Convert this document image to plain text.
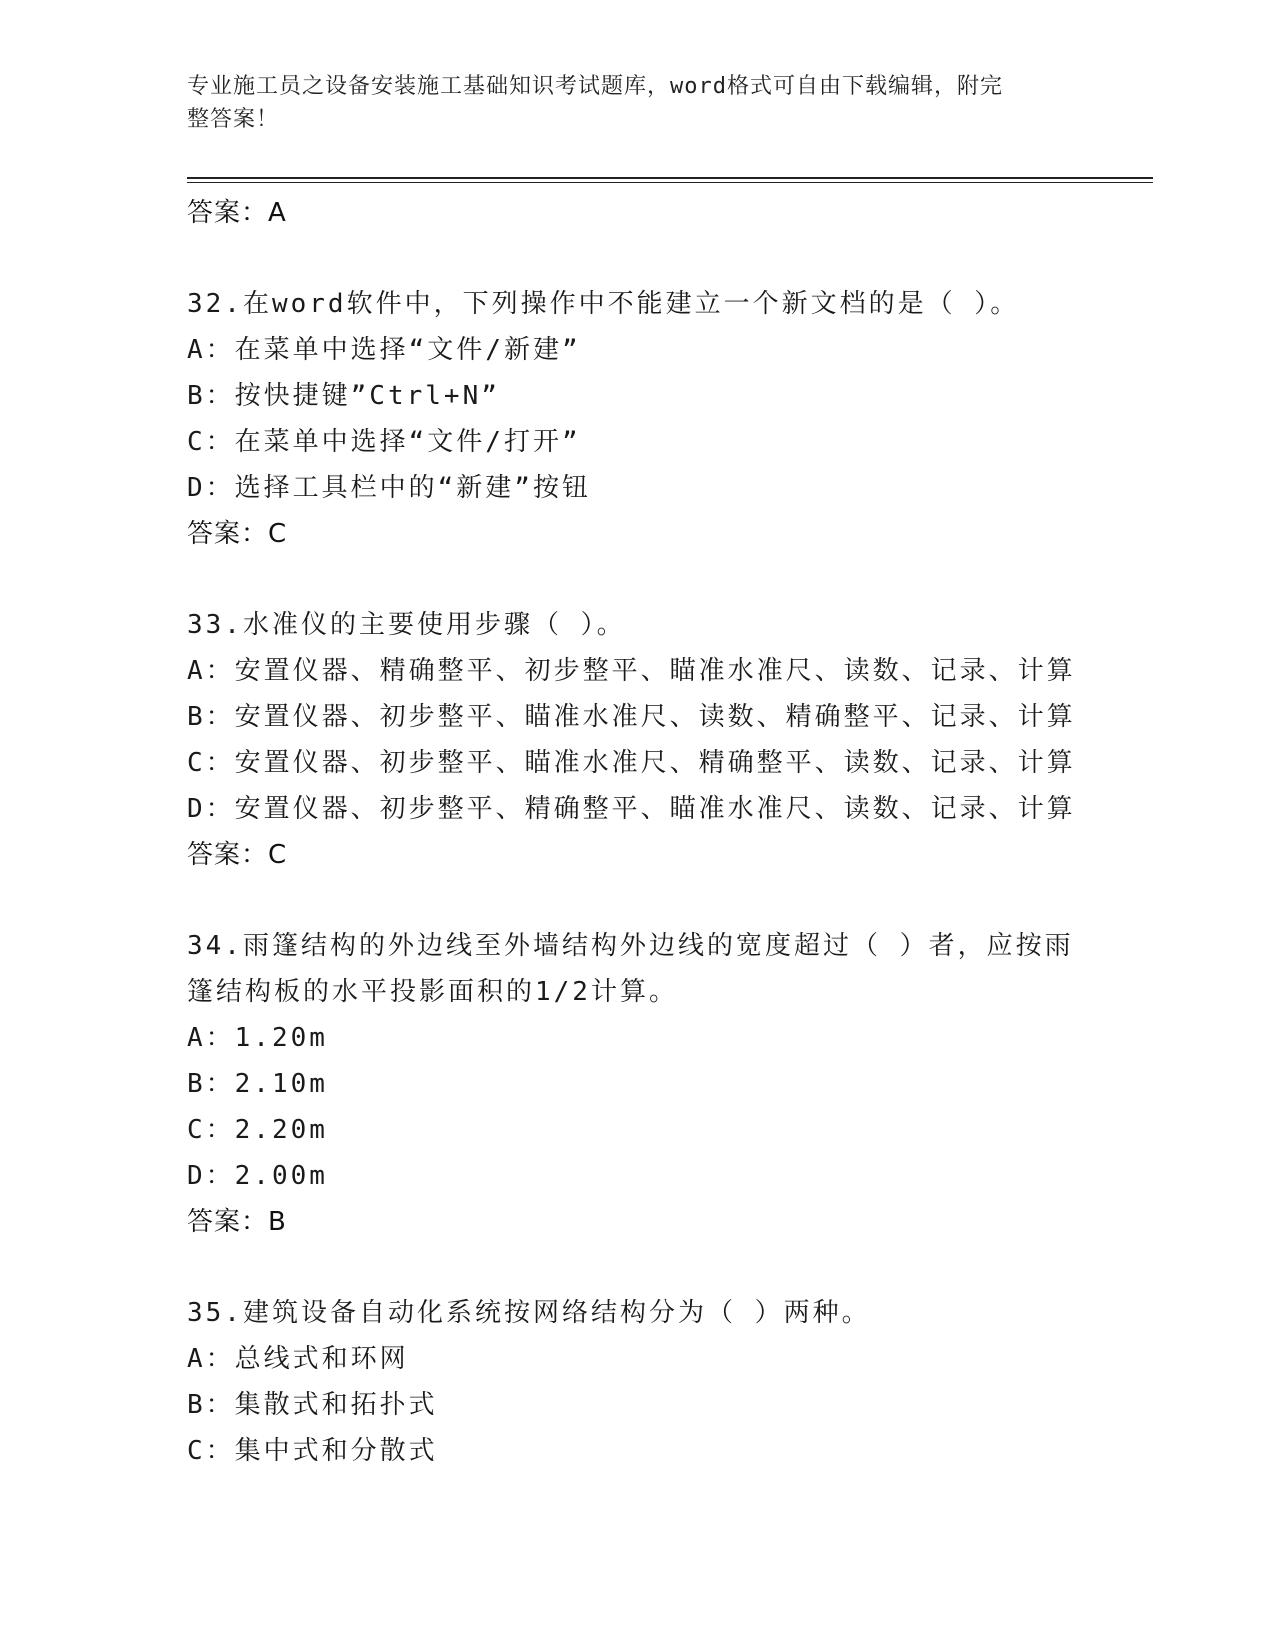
专业施工员之设备安装施工基础知识考试题库，word格式可自由下载编辑，附完
整答案！
答案：A
32.在word软件中，下列操作中不能建立一个新文档的是（ ）。
A：在菜单中选择“文件/新建”
B：按快捷键”Ctrl+N”
C：在菜单中选择“文件/打开”
D：选择工具栏中的“新建”按钮
答案：C
33.水准仪的主要使用步骤（ ）。
A：安置仪器、精确整平、初步整平、瞄准水准尺、读数、记录、计算
B：安置仪器、初步整平、瞄准水准尺、读数、精确整平、记录、计算
C：安置仪器、初步整平、瞄准水准尺、精确整平、读数、记录、计算
D：安置仪器、初步整平、精确整平、瞄准水准尺、读数、记录、计算
答案：C
34.雨篷结构的外边线至外墙结构外边线的宽度超过（ ）者，应按雨
篷结构板的水平投影面积的1/2计算。
A：1.20m
B：2.10m
C：2.20m
D：2.00m
答案：B
35.建筑设备自动化系统按网络结构分为（ ）两种。
A：总线式和环网
B：集散式和拓扑式
C：集中式和分散式
